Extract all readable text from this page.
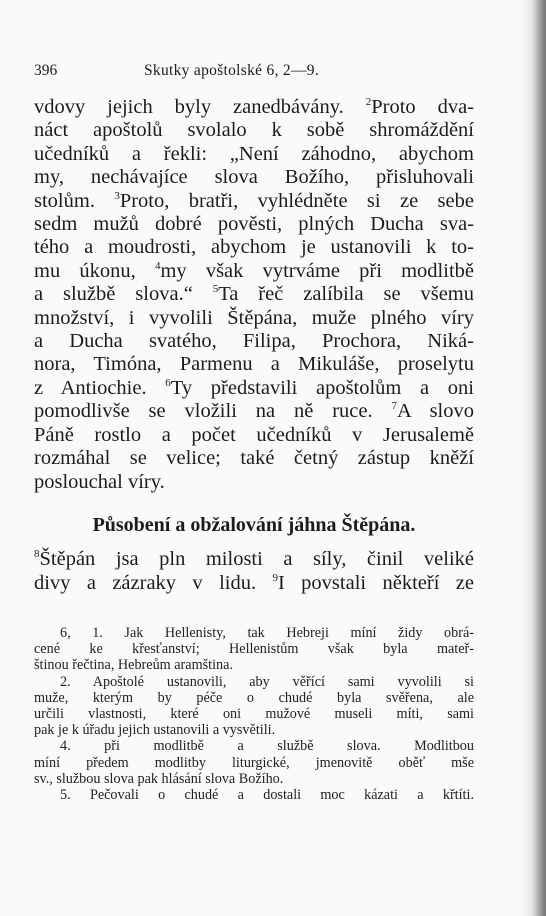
396	Skutky apoštolské 6, 2—9.
vdovy jejich byly zanedbávány. $^2$Proto dva-
náct apoštolů svolalo k sobě shromáždění
učedníků a řekli: „Není záhodno, abychom
my, nechávajíce slova Božího, přisluhovali
stolům. $^3$Proto, bratři, vyhlédněte si ze sebe
sedm mužů dobré pověsti, plných Ducha sva-
tého a moudrosti, abychom je ustanovili k to-
mu úkonu, $^4$my však vytrváme při modlitbě
a službě slova.“ $^5$Ta řeč zalíbila se všemu
množství, i vyvolili Štěpána, muže plného víry
a Ducha svatého, Filipa, Prochora, Niká-
nora, Timóna, Parmenu a Mikuláše, proselytu
z Antiochie. $^6$Ty představili apoštolům a oni
pomodlivše se vložili na ně ruce. $^7$A slovo
Páně rostlo a počet učedníků v Jerusalemě
rozmáhal se velice; také četný zástup kněží
poslouchal víry.
Působení a obžalování jáhna Štěpána.
$^8$Štěpán jsa pln milosti a síly, činil veliké
divy a zázraky v lidu. $^9$I povstali někteří ze
6, 1. Jak Hellenisty, tak Hebreji míní židy obrá-
cené ke křesťanství; Hellenistům však byla mateř-
štinou řečtina, Hebreům aramština.
2. Apoštolé ustanovili, aby věřící sami vyvolili si
muže, kterým by péče o chudé byla svěřena, ale
určili vlastnosti, které oni mužové museli míti, sami
pak je k úřadu jejich ustanovili a vysvětili.
4. při modlitbě a službě slova. Modlitbou
míní předem modlitby liturgické, jmenovitě oběť mše
sv., službou slova pak hlásání slova Božího.
5. Pečovali o chudé a dostali moc kázati a křtíti.
